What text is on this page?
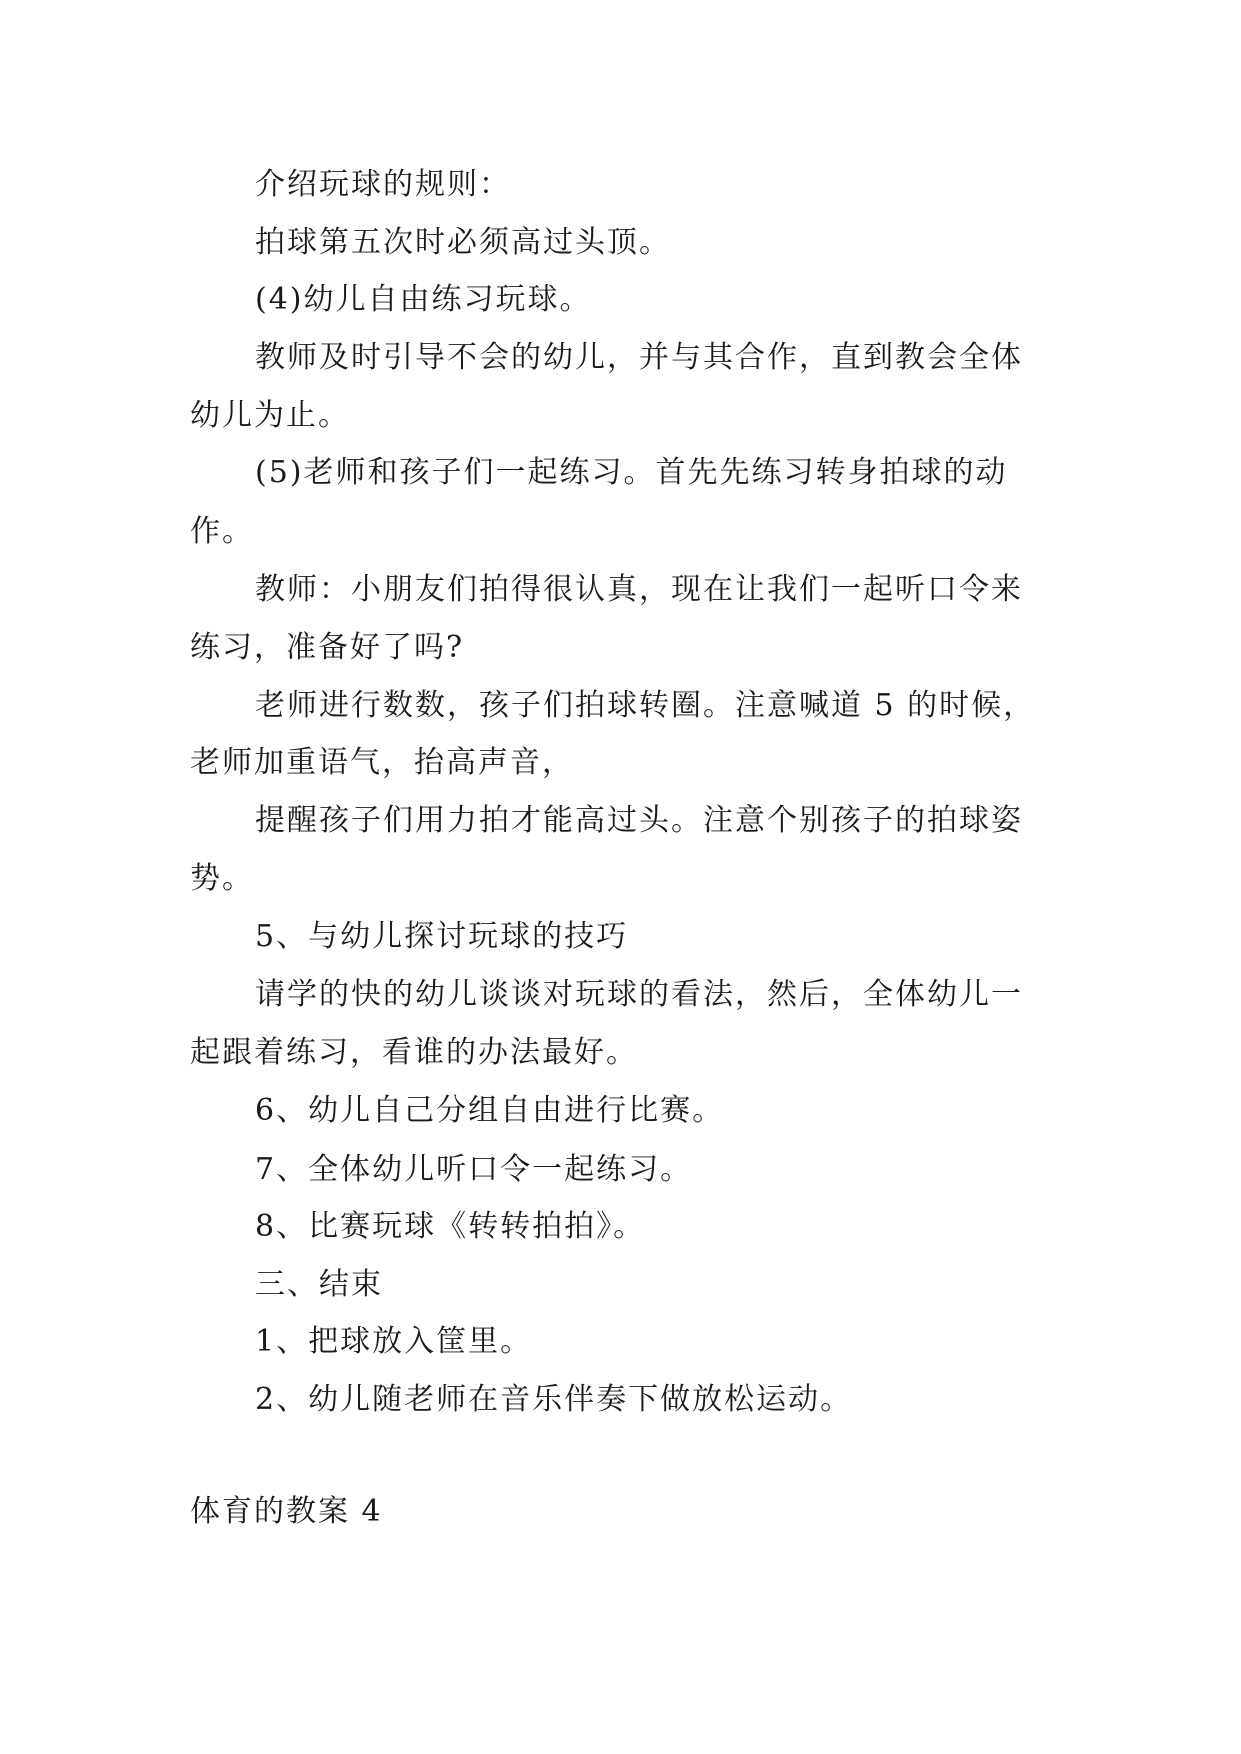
介绍玩球的规则：
拍球第五次时必须高过头顶。
(4)幼儿自由练习玩球。
教师及时引导不会的幼儿，并与其合作，直到教会全体
幼儿为止。
(5)老师和孩子们一起练习。首先先练习转身拍球的动
作。
教师：小朋友们拍得很认真，现在让我们一起听口令来
练习，准备好了吗?
老师进行数数，孩子们拍球转圈。注意喊道 5 的时候，
老师加重语气，抬高声音，
提醒孩子们用力拍才能高过头。注意个别孩子的拍球姿
势。
5、与幼儿探讨玩球的技巧
请学的快的幼儿谈谈对玩球的看法，然后，全体幼儿一
起跟着练习，看谁的办法最好。
6、幼儿自己分组自由进行比赛。
7、全体幼儿听口令一起练习。
8、比赛玩球《转转拍拍》。
三、结束
1、把球放入筐里。
2、幼儿随老师在音乐伴奏下做放松运动。
体育的教案 4
